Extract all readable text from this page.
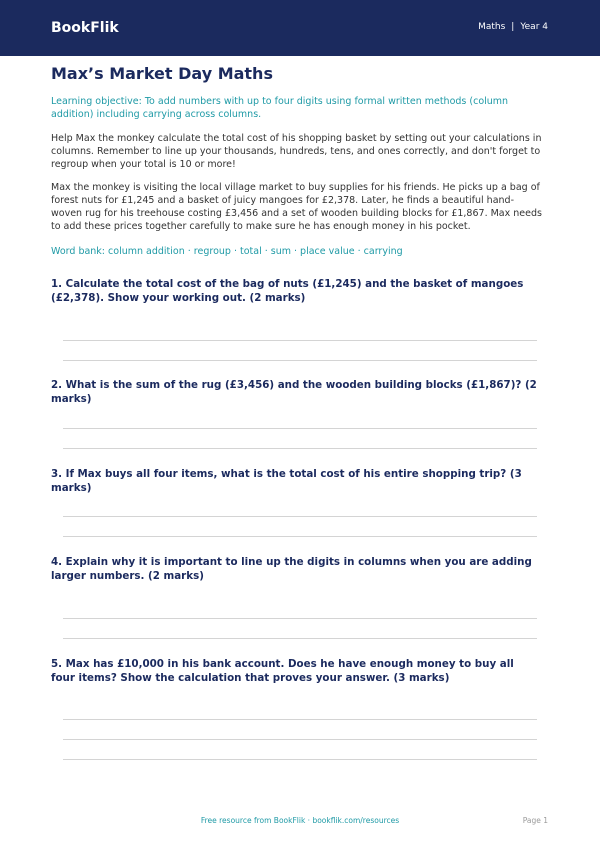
BookFlik	Maths | Year 4
Max’s Market Day Maths

Learning objective: To add numbers with up to four digits using formal written methods (column addition) including carrying across columns.

Help Max the monkey calculate the total cost of his shopping basket by setting out your calculations in columns. Remember to line up your thousands, hundreds, tens, and ones correctly, and don't forget to regroup when your total is 10 or more!

Max the monkey is visiting the local village market to buy supplies for his friends. He picks up a bag of forest nuts for £1,245 and a basket of juicy mangoes for £2,378. Later, he finds a beautiful hand-woven rug for his treehouse costing £3,456 and a set of wooden building blocks for £1,867. Max needs to add these prices together carefully to make sure he has enough money in his pocket.

Word bank: column addition · regroup · total · sum · place value · carrying

1. Calculate the total cost of the bag of nuts (£1,245) and the basket of mangoes (£2,378). Show your working out. (2 marks)

2. What is the sum of the rug (£3,456) and the wooden building blocks (£1,867)? (2 marks)

3. If Max buys all four items, what is the total cost of his entire shopping trip? (3 marks)

4. Explain why it is important to line up the digits in columns when you are adding larger numbers. (2 marks)

5. Max has £10,000 in his bank account. Does he have enough money to buy all four items? Show the calculation that proves your answer. (3 marks)

Free resource from BookFlik · bookflik.com/resources	Page 1
